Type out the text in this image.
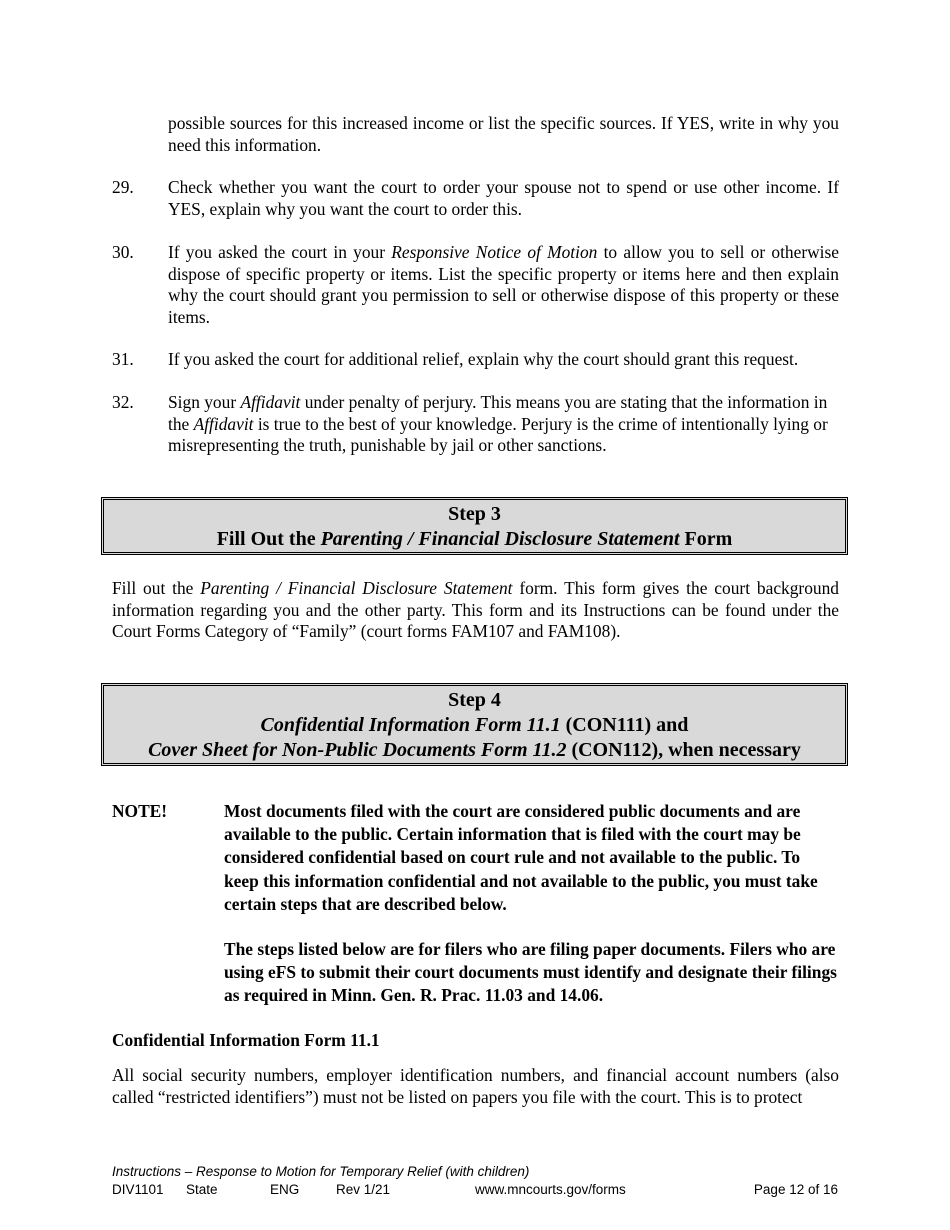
possible sources for this increased income or list the specific sources. If YES, write in why you need this information.
29. Check whether you want the court to order your spouse not to spend or use other income. If YES, explain why you want the court to order this.
30. If you asked the court in your Responsive Notice of Motion to allow you to sell or otherwise dispose of specific property or items. List the specific property or items here and then explain why the court should grant you permission to sell or otherwise dispose of this property or these items.
31. If you asked the court for additional relief, explain why the court should grant this request.
32. Sign your Affidavit under penalty of perjury. This means you are stating that the information in the Affidavit is true to the best of your knowledge. Perjury is the crime of intentionally lying or misrepresenting the truth, punishable by jail or other sanctions.
Step 3
Fill Out the Parenting / Financial Disclosure Statement Form
Fill out the Parenting / Financial Disclosure Statement form. This form gives the court background information regarding you and the other party. This form and its Instructions can be found under the Court Forms Category of “Family” (court forms FAM107 and FAM108).
Step 4
Confidential Information Form 11.1 (CON111) and
Cover Sheet for Non-Public Documents Form 11.2 (CON112), when necessary
NOTE!	Most documents filed with the court are considered public documents and are available to the public. Certain information that is filed with the court may be considered confidential based on court rule and not available to the public. To keep this information confidential and not available to the public, you must take certain steps that are described below.
The steps listed below are for filers who are filing paper documents. Filers who are using eFS to submit their court documents must identify and designate their filings as required in Minn. Gen. R. Prac. 11.03 and 14.06.
Confidential Information Form 11.1
All social security numbers, employer identification numbers, and financial account numbers (also called “restricted identifiers”) must not be listed on papers you file with the court. This is to protect
Instructions – Response to Motion for Temporary Relief (with children)
DIV1101 State	ENG	Rev 1/21	www.mncourts.gov/forms	Page 12 of 16
